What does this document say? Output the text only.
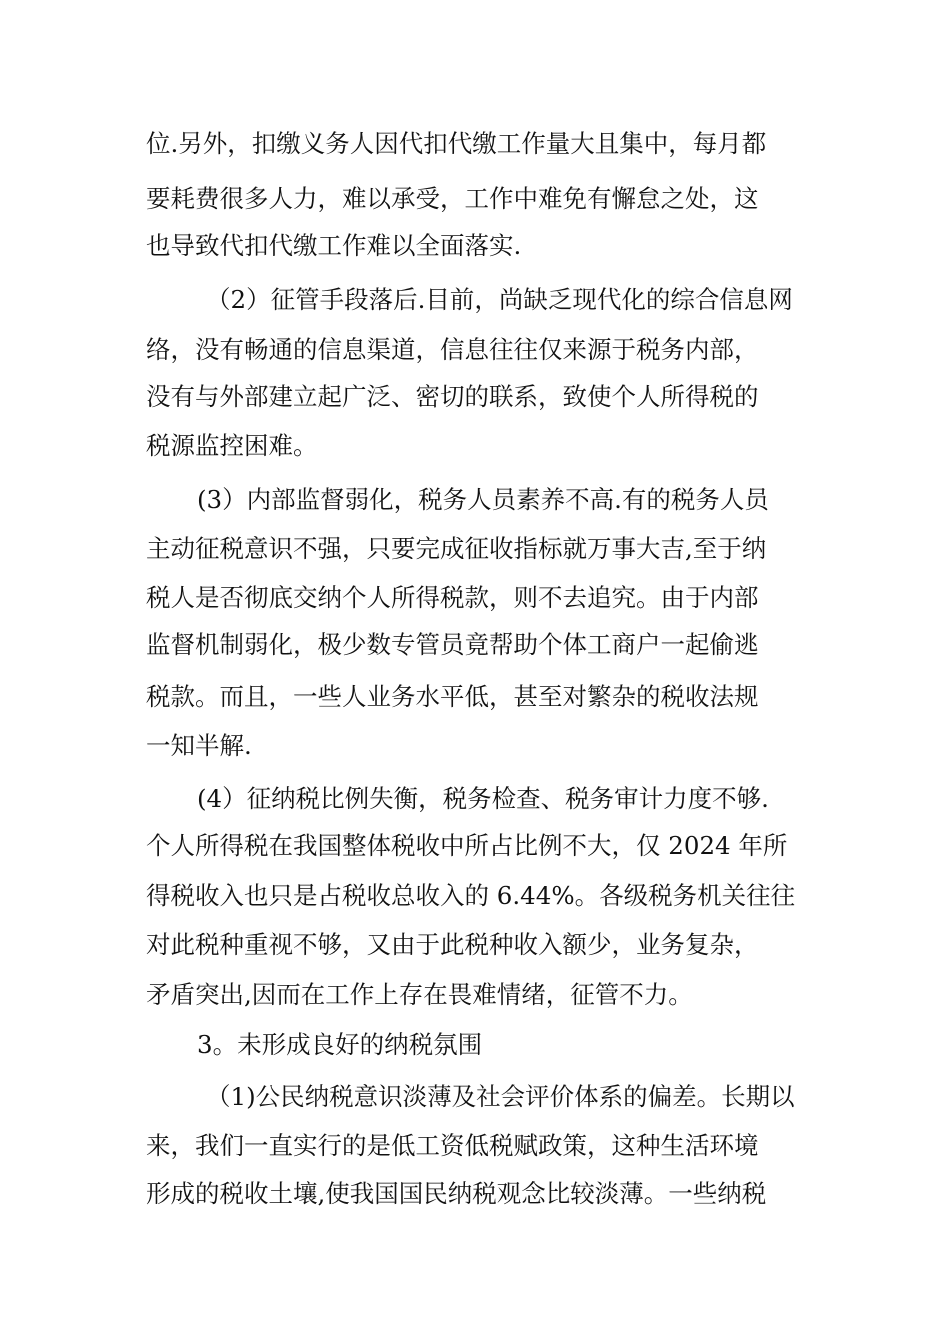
位.另外，扣缴义务人因代扣代缴工作量大且集中，每月都
要耗费很多人力，难以承受，工作中难免有懈怠之处，这
也导致代扣代缴工作难以全面落实.
（2）征管手段落后.目前，尚缺乏现代化的综合信息网
络，没有畅通的信息渠道，信息往往仅来源于税务内部，
没有与外部建立起广泛、密切的联系，致使个人所得税的
税源监控困难。
(3）内部监督弱化，税务人员素养不高.有的税务人员
主动征税意识不强，只要完成征收指标就万事大吉,至于纳
税人是否彻底交纳个人所得税款，则不去追究。由于内部
监督机制弱化，极少数专管员竟帮助个体工商户一起偷逃
税款。而且，一些人业务水平低，甚至对繁杂的税收法规
一知半解.
(4）征纳税比例失衡，税务检查、税务审计力度不够.
个人所得税在我国整体税收中所占比例不大，仅 2024 年所
得税收入也只是占税收总收入的 6.44%。各级税务机关往往
对此税种重视不够，又由于此税种收入额少，业务复杂，
矛盾突出,因而在工作上存在畏难情绪，征管不力。
3。未形成良好的纳税氛围
（1)公民纳税意识淡薄及社会评价体系的偏差。长期以
来，我们一直实行的是低工资低税赋政策，这种生活环境
形成的税收土壤,使我国国民纳税观念比较淡薄。一些纳税
